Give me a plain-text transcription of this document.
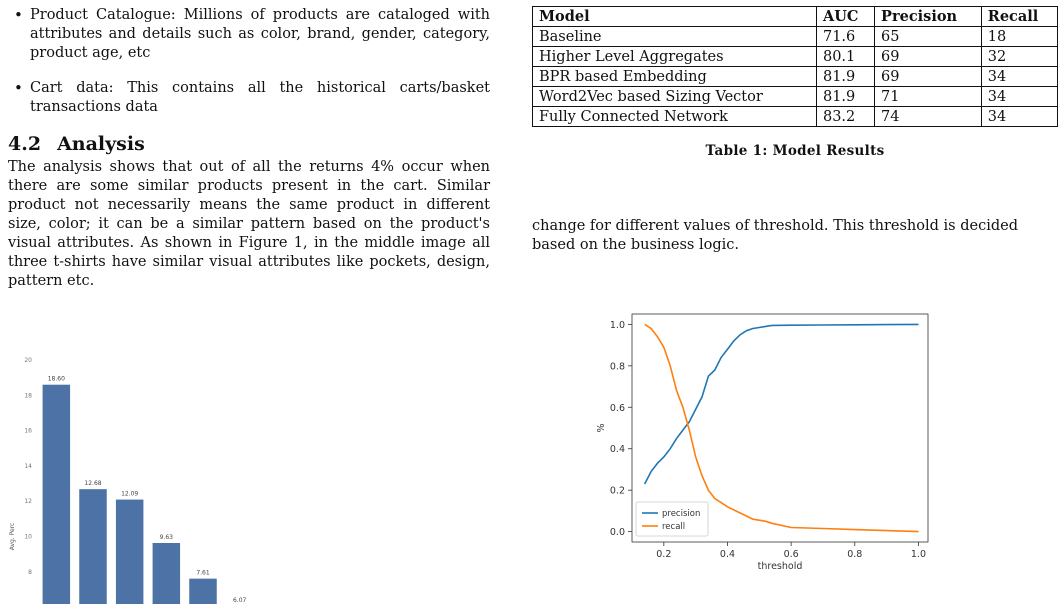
• Product Catalogue: Millions of products are cataloged with attributes and details such as color, brand, gender, category, product age, etc
• Cart data: This contains all the historical carts/basket transactions data
4.2 Analysis

The analysis shows that out of all the returns 4% occur when there are some similar products present in the cart. Similar product not necessarily means the same product in different size, color; it can be a similar pattern based on the product's visual attributes. As shown in Figure 1, in the middle image all three t-shirts have similar visual attributes like pockets, design, pattern etc.

8
10
12
14
16
18
20
Avg. Perc
18.60
12.68
12.09
9.63
7.61
6.07
Model	AUC	Precision	Recall
Baseline	71.6	65	18
Higher Level Aggregates	80.1	69	32
BPR based Embedding	81.9	69	34
Word2Vec based Sizing Vector	81.9	71	34
Fully Connected Network	83.2	74	34
Table 1: Model Results

change for different values of threshold. This threshold is decided based on the business logic.

0.0
0.2
0.4
0.6
0.8
1.0
0.2	0.4	0.6	0.8	1.0
threshold
%
precision
recall
